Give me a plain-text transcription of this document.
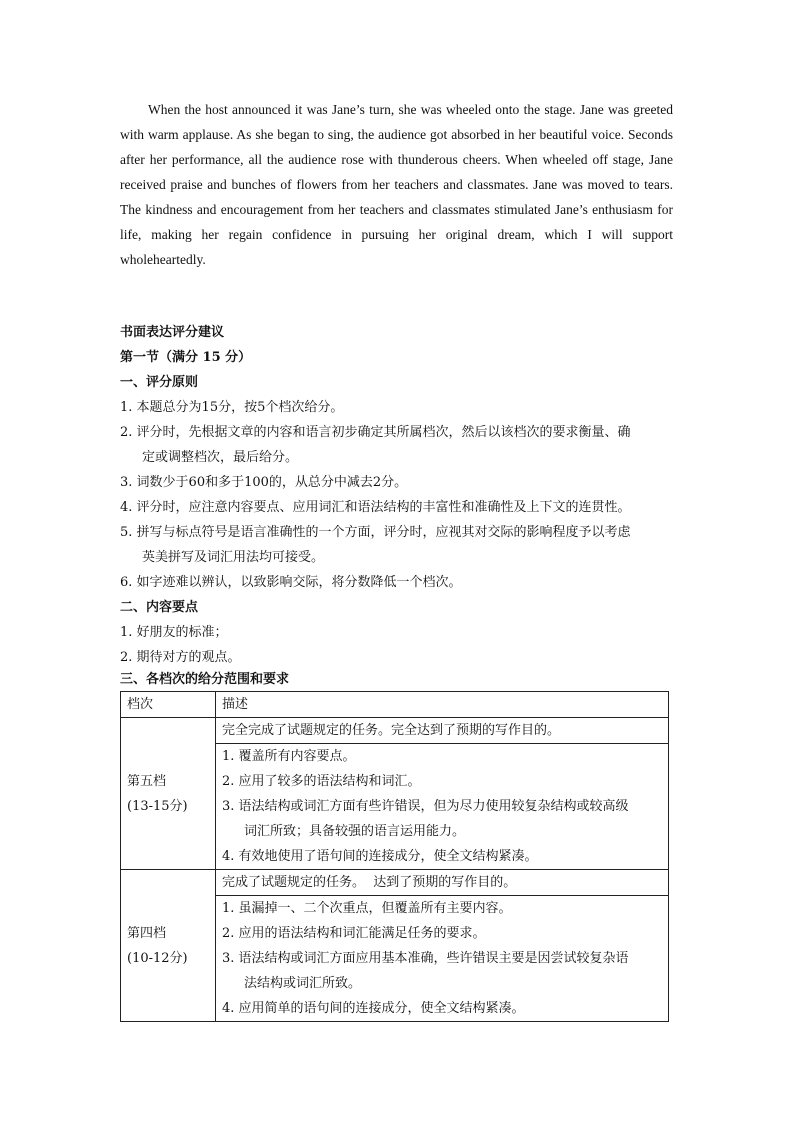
When the host announced it was Jane’s turn, she was wheeled onto the stage. Jane was greeted with warm applause. As she began to sing, the audience got absorbed in her beautiful voice. Seconds after her performance, all the audience rose with thunderous cheers. When wheeled off stage, Jane received praise and bunches of flowers from her teachers and classmates. Jane was moved to tears. The kindness and encouragement from her teachers and classmates stimulated Jane’s enthusiasm for life, making her regain confidence in pursuing her original dream, which I will support wholeheartedly.

书面表达评分建议
第一节（满分 15 分）
一、评分原则
1. 本题总分为15分，按5个档次给分。
2. 评分时，先根据文章的内容和语言初步确定其所属档次，然后以该档次的要求衡量、确
定或调整档次，最后给分。
3. 词数少于60和多于100的，从总分中减去2分。
4. 评分时，应注意内容要点、应用词汇和语法结构的丰富性和准确性及上下文的连贯性。
5. 拼写与标点符号是语言准确性的一个方面，评分时，应视其对交际的影响程度予以考虑
英美拼写及词汇用法均可接受。
6. 如字迹难以辨认，以致影响交际，将分数降低一个档次。
二、内容要点
1. 好朋友的标准；
2. 期待对方的观点。
三、各档次的给分范围和要求
档次	描述

第五档
(13-15分)	完全完成了试题规定的任务。完全达到了预期的写作目的。

	1. 覆盖所有内容要点。
2. 应用了较多的语法结构和词汇。
3. 语法结构或词汇方面有些许错误，但为尽力使用较复杂结构或较高级
词汇所致；具备较强的语言运用能力。
4. 有效地使用了语句间的连接成分，使全文结构紧凑。

第四档
(10-12分)	完成了试题规定的任务。  达到了预期的写作目的。

	1. 虽漏掉一、二个次重点，但覆盖所有主要内容。
2. 应用的语法结构和词汇能满足任务的要求。
3. 语法结构或词汇方面应用基本准确，些许错误主要是因尝试较复杂语
法结构或词汇所致。
4. 应用简单的语句间的连接成分，使全文结构紧凑。
